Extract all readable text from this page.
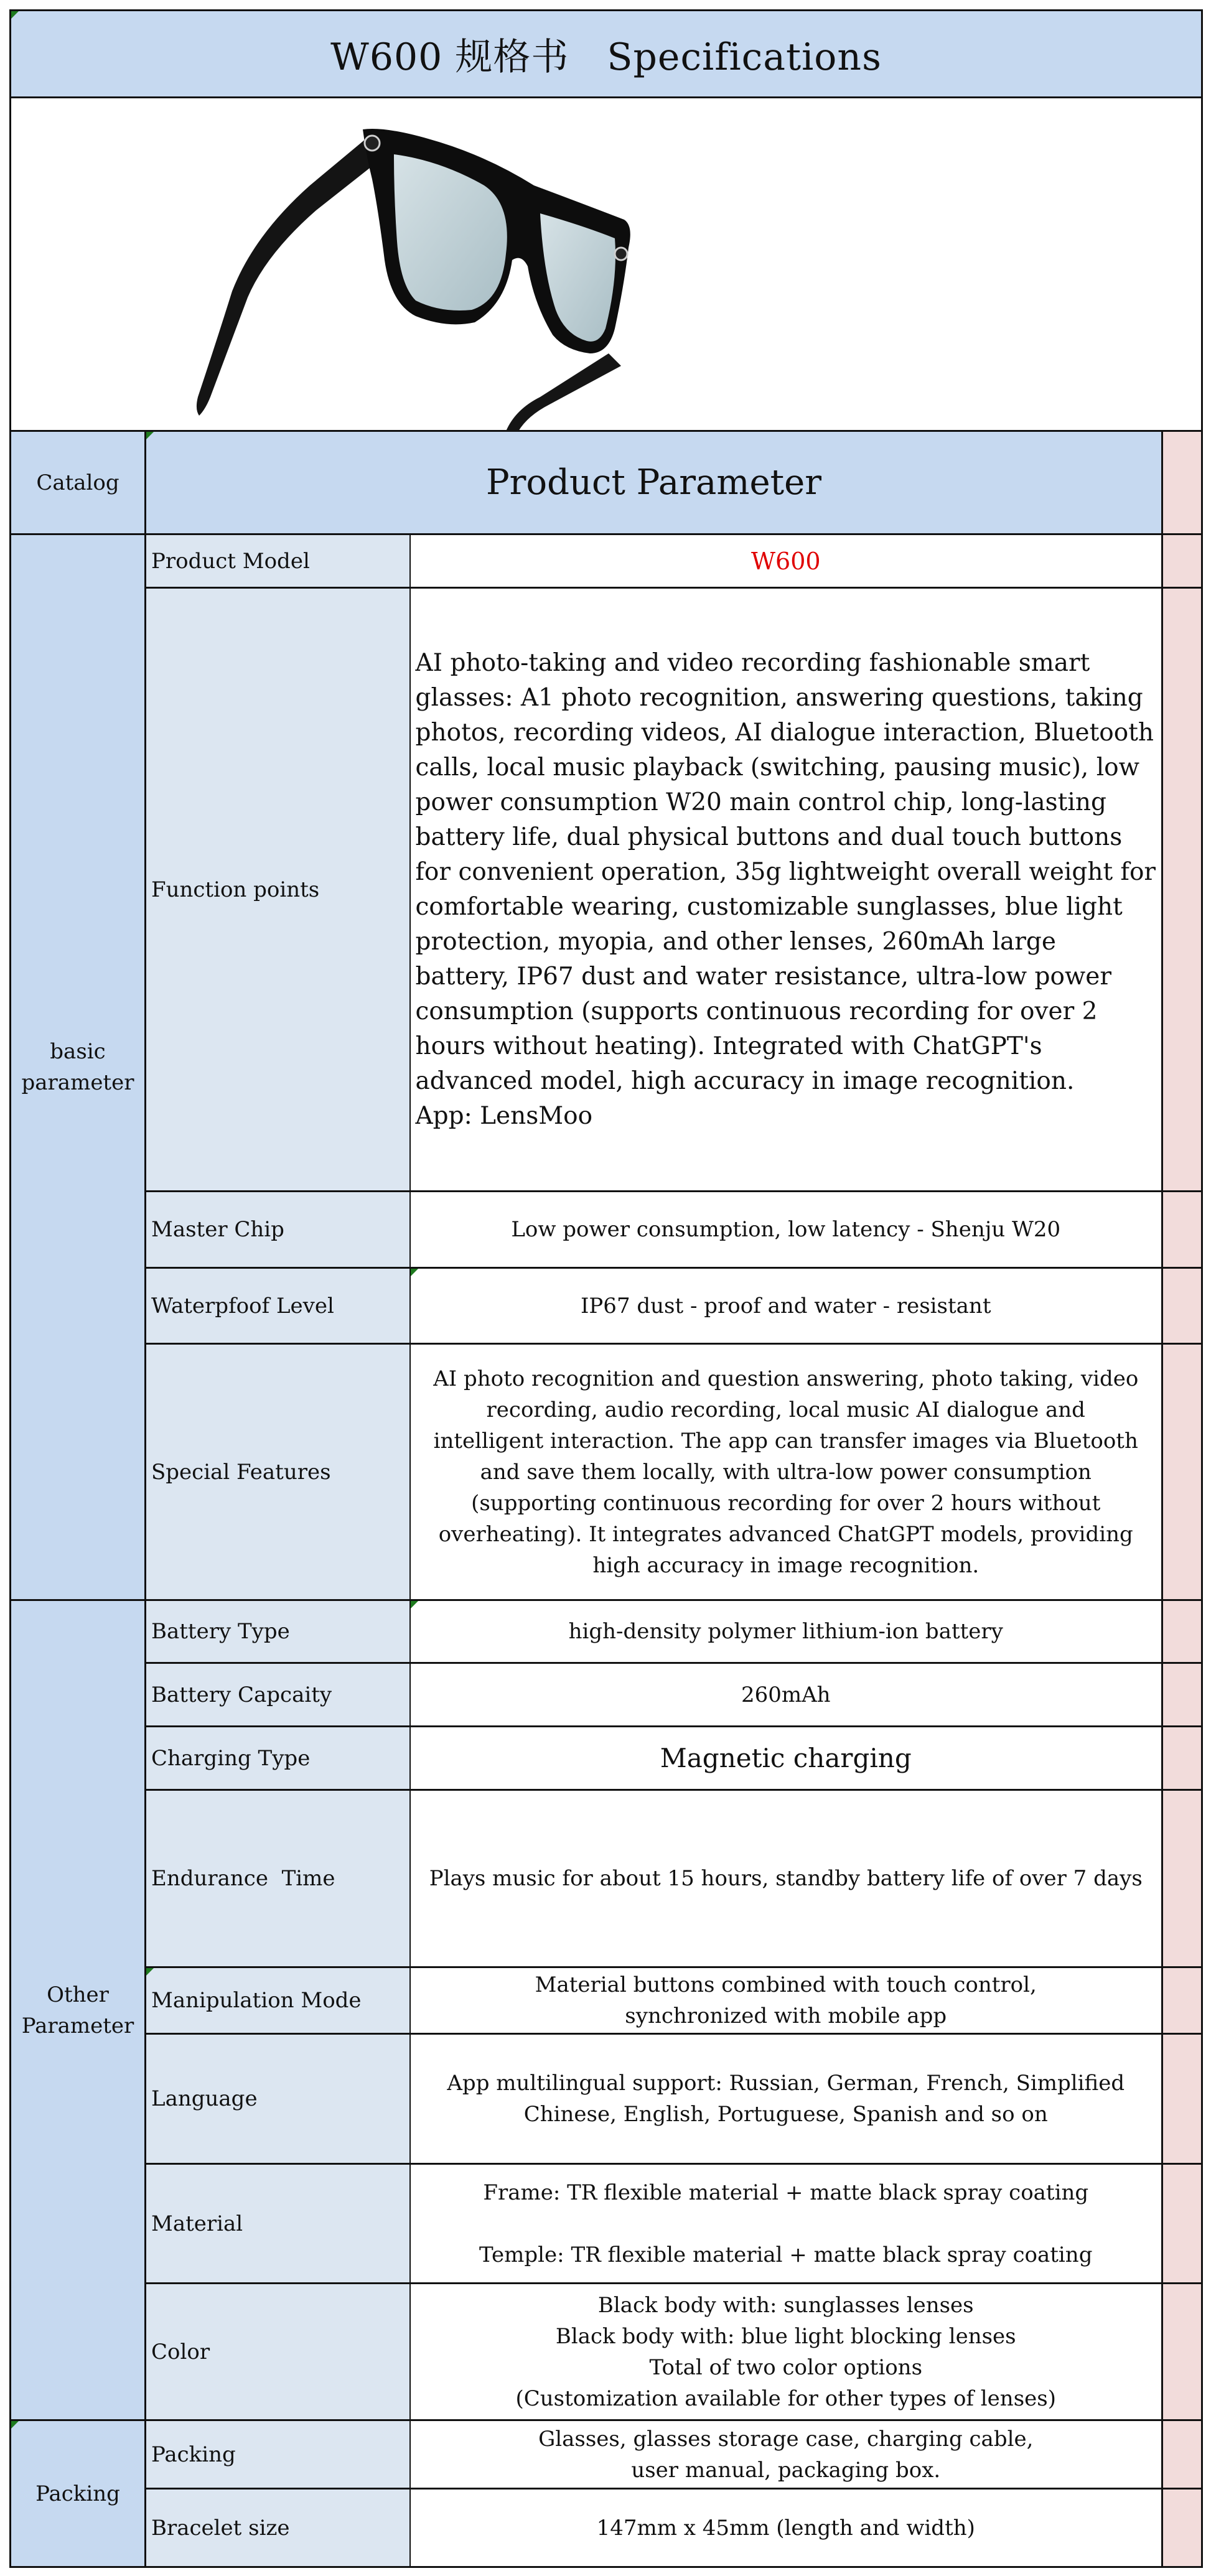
W600 规格书　Specifications			

Catalog	Product Parameter		

basic
parameter	Product Model	W600	
	Function points	AI photo-taking and video recording fashionable smart glasses: A1 photo recognition, answering questions, taking photos, recording videos, AI dialogue interaction, Bluetooth calls, local music playback (switching, pausing music), low power consumption W20 main control chip, long-lasting battery life, dual physical buttons and dual touch buttons for convenient operation, 35g lightweight overall weight for comfortable wearing, customizable sunglasses, blue light protection, myopia, and other lenses, 260mAh large battery, IP67 dust and water resistance, ultra-low power consumption (supports continuous recording for over 2 hours without heating). Integrated with ChatGPT's advanced model, high accuracy in image recognition.
App: LensMoo	

	Master Chip	Low power consumption, low latency - Shenju W20	
	Waterpfoof Level	IP67 dust - proof and water - resistant	
	Special Features	AI photo recognition and question answering, photo taking, video recording, audio recording, local music AI dialogue and intelligent interaction. The app can transfer images via Bluetooth and save them locally, with ultra-low power consumption (supporting continuous recording for over 2 hours without overheating). It integrates advanced ChatGPT models, providing high accuracy in image recognition.	

Other
Parameter	Battery Type	high-density polymer lithium-ion battery	
	Battery Capcaity	260mAh	
	Charging Type	Magnetic charging	
	Endurance  Time	Plays music for about 15 hours, standby battery life of over 7 days	

Manipulation Mode	Material buttons combined with touch control,
synchronized with mobile app	

	Language	App multilingual support: Russian, German, French, Simplified
Chinese, English, Portuguese, Spanish and so on	

	Material	Frame: TR flexible material + matte black spray coating
Temple: TR flexible material + matte black spray coating	

	Color	Black body with: sunglasses lenses
Black body with: blue light blocking lenses
Total of two color options
(Customization available for other types of lenses)	

Packing	Packing	Glasses, glasses storage case, charging cable,
user manual, packaging box.	

	Bracelet size	147mm x 45mm (length and width)	
